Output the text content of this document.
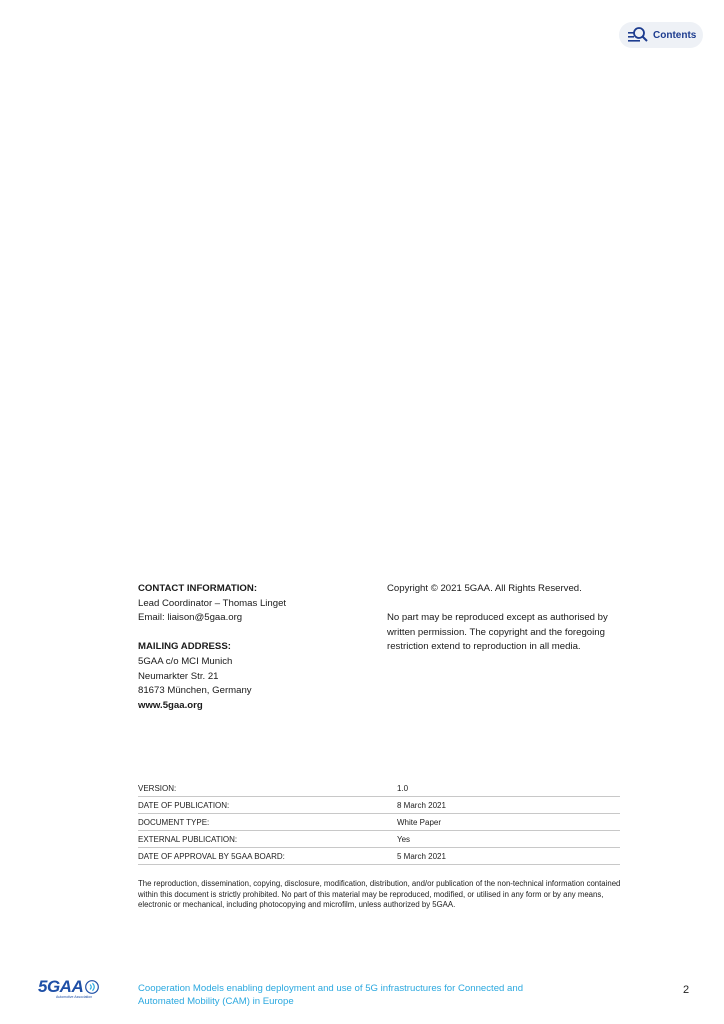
Contents

CONTACT INFORMATION:

Lead Coordinator – Thomas Linget

Email: liaison@5gaa.org

MAILING ADDRESS:

5GAA c/o MCI Munich

Neumarkter Str. 21

81673 München, Germany

www.5gaa.org

Copyright © 2021 5GAA. All Rights Reserved.

No part may be reproduced except as authorised by written permission. The copyright and the foregoing restriction extend to reproduction in all media.

VERSION:	1.0
DATE OF PUBLICATION:	8 March 2021
DOCUMENT TYPE:	White Paper
EXTERNAL PUBLICATION:	Yes
DATE OF APPROVAL BY 5GAA BOARD:	5 March 2021

The reproduction, dissemination, copying, disclosure, modification, distribution, and/or publication of the non-technical information contained within this document is strictly prohibited. No part of this material may be reproduced, modified, or utilised in any form or by any means, electronic or mechanical, including photocopying and microfilm, unless authorized by 5GAA.

5GAA
Automotive Association

Cooperation Models enabling deployment and use of 5G infrastructures for Connected and Automated Mobility (CAM) in Europe

2
